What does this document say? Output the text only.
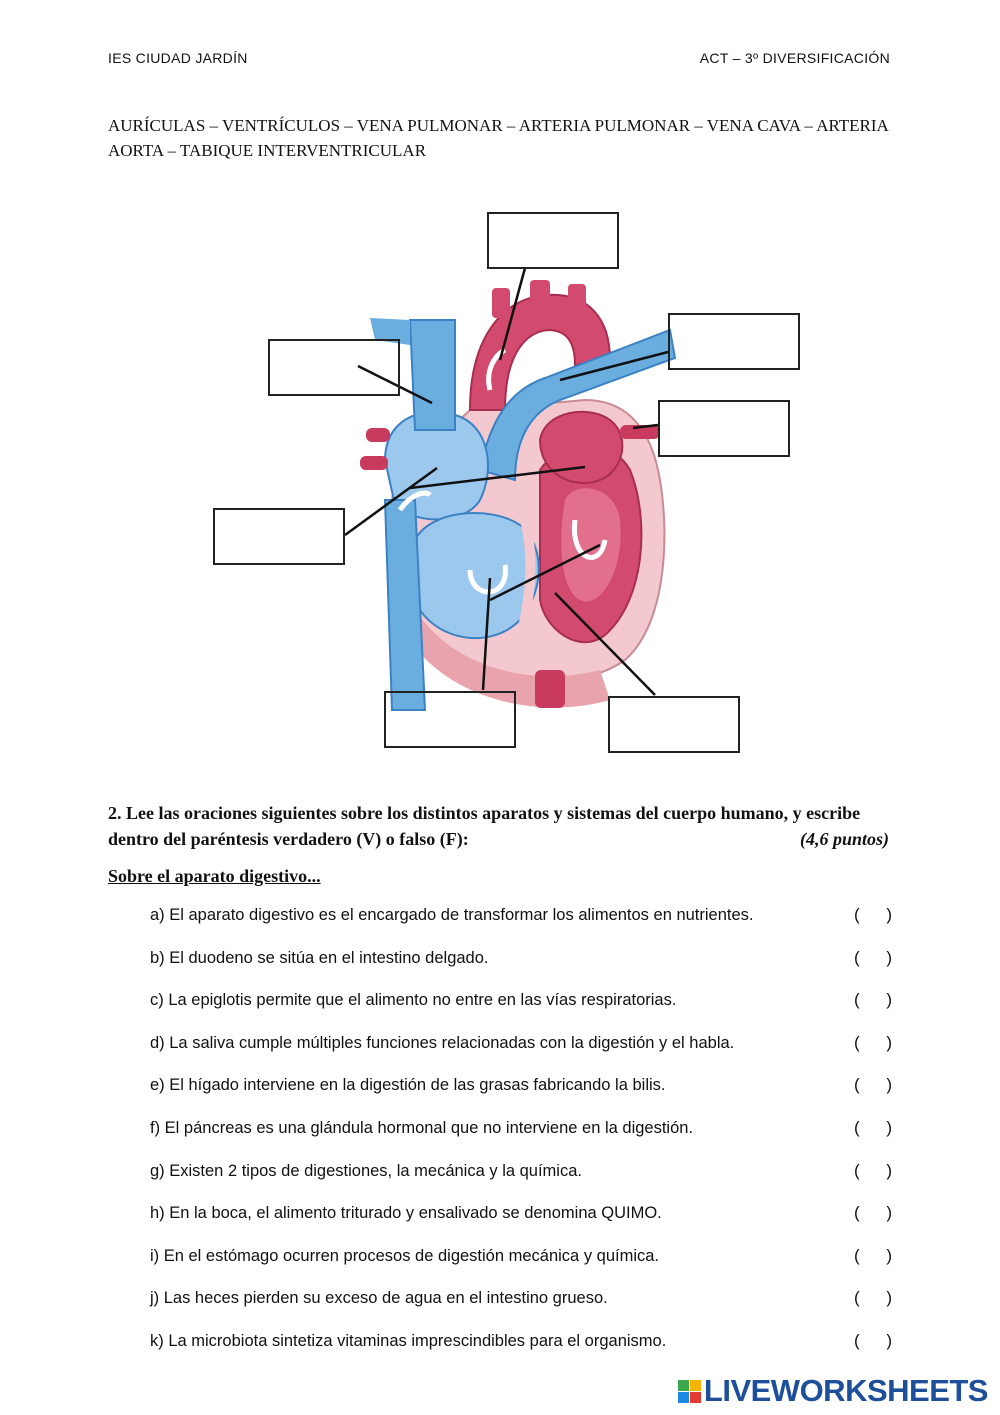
IES CIUDAD JARDÍN	ACT – 3º DIVERSIFICACIÓN
AURÍCULAS – VENTRÍCULOS – VENA PULMONAR – ARTERIA PULMONAR – VENA CAVA – ARTERIA AORTA – TABIQUE INTERVENTRICULAR
2. Lee las oraciones siguientes sobre los distintos aparatos y sistemas del cuerpo humano, y escribe dentro del paréntesis verdadero (V) o falso (F):	(4,6 puntos)
Sobre el aparato digestivo...
a) El aparato digestivo es el encargado de transformar los alimentos en nutrientes.	( )
b) El duodeno se sitúa en el intestino delgado.	( )
c) La epiglotis permite que el alimento no entre en las vías respiratorias.	( )
d) La saliva cumple múltiples funciones relacionadas con la digestión y el habla.	( )
e) El hígado interviene en la digestión de las grasas fabricando la bilis.	( )
f) El páncreas es una glándula hormonal que no interviene en la digestión.	( )
g) Existen 2 tipos de digestiones, la mecánica y la química.	( )
h) En la boca, el alimento triturado y ensalivado se denomina QUIMO.	( )
i) En el estómago ocurren procesos de digestión mecánica y química.	( )
j) Las heces pierden su exceso de agua en el intestino grueso.	( )
k) La microbiota sintetiza vitaminas imprescindibles para el organismo.	( )
LIVEWORKSHEETS
